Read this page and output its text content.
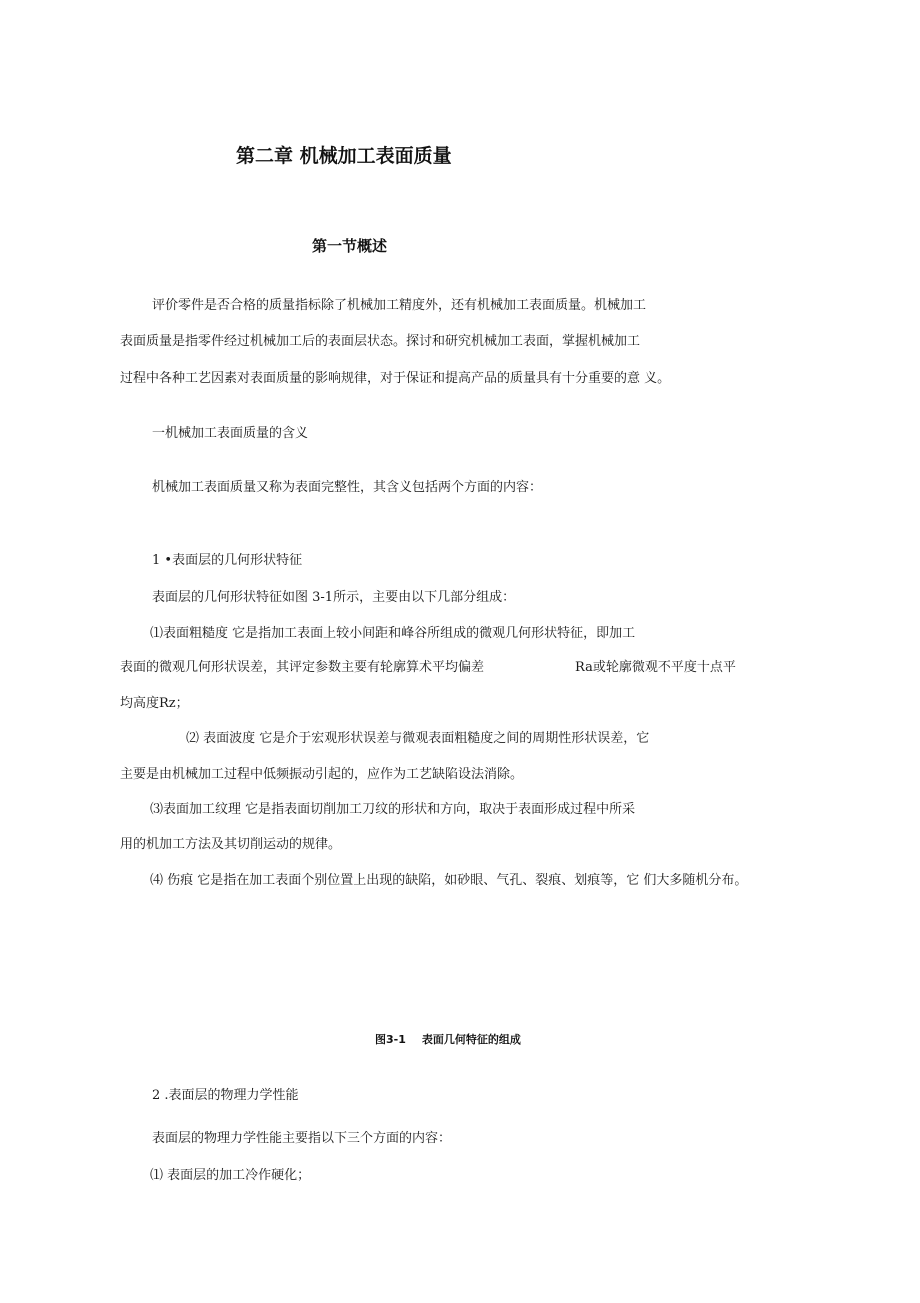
第二章 机械加工表面质量
第一节概述
评价零件是否合格的质量指标除了机械加工精度外，还有机械加工表面质量。机械加工
表面质量是指零件经过机械加工后的表面层状态。探讨和研究机械加工表面，掌握机械加工
过程中各种工艺因素对表面质量的影响规律，对于保证和提高产品的质量具有十分重要的意 义。
一机械加工表面质量的含义
机械加工表面质量又称为表面完整性，其含义包括两个方面的内容：
1 •表面层的几何形状特征
表面层的几何形状特征如图 3-1所示，主要由以下几部分组成：
⑴表面粗糙度 它是指加工表面上较小间距和峰谷所组成的微观几何形状特征，即加工
表面的微观几何形状误差，其评定参数主要有轮廓算术平均偏差	Ra或轮廓微观不平度十点平
均高度Rz；
⑵ 表面波度 它是介于宏观形状误差与微观表面粗糙度之间的周期性形状误差，它
主要是由机械加工过程中低频振动引起的，应作为工艺缺陷设法消除。
⑶表面加工纹理 它是指表面切削加工刀纹的形状和方向，取决于表面形成过程中所采
用的机加工方法及其切削运动的规律。
⑷ 伤痕 它是指在加工表面个别位置上出现的缺陷，如砂眼、气孔、裂痕、划痕等，它 们大多随机分布。
图3-1 表面几何特征的组成
2 .表面层的物理力学性能
表面层的物理力学性能主要指以下三个方面的内容：
⑴ 表面层的加工冷作硬化；
